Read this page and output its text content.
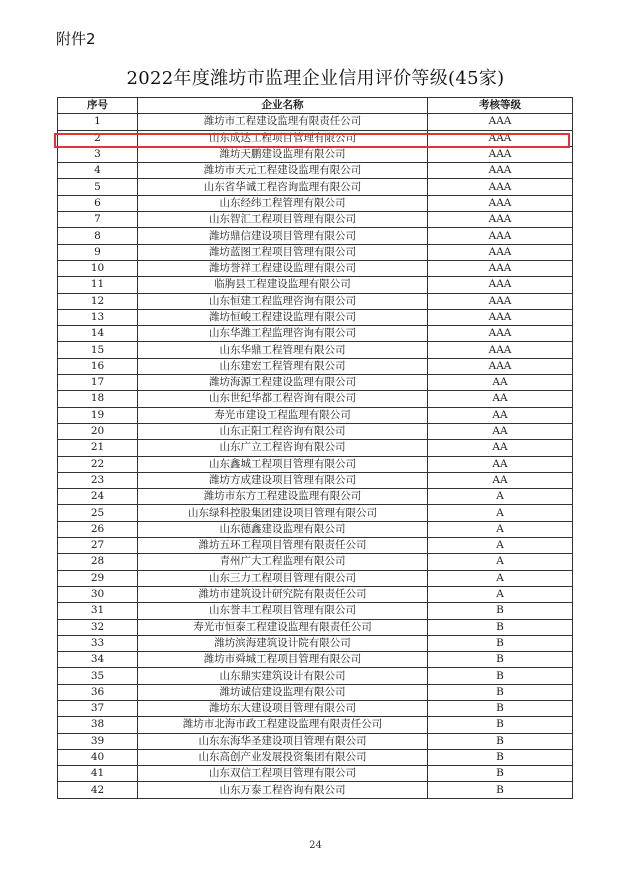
附件2
2022年度潍坊市监理企业信用评价等级(45家)
序号	企业名称	考核等级
1	潍坊市工程建设监理有限责任公司	AAA
2	山东成达工程项目管理有限公司	AAA
3	潍坊天鹏建设监理有限公司	AAA
4	潍坊市天元工程建设监理有限公司	AAA
5	山东省华诚工程咨询监理有限公司	AAA
6	山东经纬工程管理有限公司	AAA
7	山东智汇工程项目管理有限公司	AAA
8	潍坊鼎信建设项目管理有限公司	AAA
9	潍坊蓝图工程项目管理有限公司	AAA
10	潍坊誉祥工程建设监理有限公司	AAA
11	临朐县工程建设监理有限公司	AAA
12	山东恒建工程监理咨询有限公司	AAA
13	潍坊恒峻工程建设监理有限公司	AAA
14	山东华潍工程监理咨询有限公司	AAA
15	山东华鼎工程管理有限公司	AAA
16	山东建宏工程管理有限公司	AAA
17	潍坊海源工程建设监理有限公司	AA
18	山东世纪华都工程咨询有限公司	AA
19	寿光市建设工程监理有限公司	AA
20	山东正阳工程咨询有限公司	AA
21	山东广立工程咨询有限公司	AA
22	山东鑫城工程项目管理有限公司	AA
23	潍坊方成建设项目管理有限公司	AA
24	潍坊市东方工程建设监理有限公司	A
25	山东绿科控股集团建设项目管理有限公司	A
26	山东德鑫建设监理有限公司	A
27	潍坊五环工程项目管理有限责任公司	A
28	青州广大工程监理有限公司	A
29	山东三力工程项目管理有限公司	A
30	潍坊市建筑设计研究院有限责任公司	A
31	山东誉丰工程项目管理有限公司	B
32	寿光市恒泰工程建设监理有限责任公司	B
33	潍坊滨海建筑设计院有限公司	B
34	潍坊市舜城工程项目管理有限公司	B
35	山东鼎实建筑设计有限公司	B
36	潍坊诚信建设监理有限公司	B
37	潍坊东大建设项目管理有限公司	B
38	潍坊市北海市政工程建设监理有限责任公司	B
39	山东东海华圣建设项目管理有限公司	B
40	山东高创产业发展投资集团有限公司	B
41	山东双信工程项目管理有限公司	B
42	山东万泰工程咨询有限公司	B
24
